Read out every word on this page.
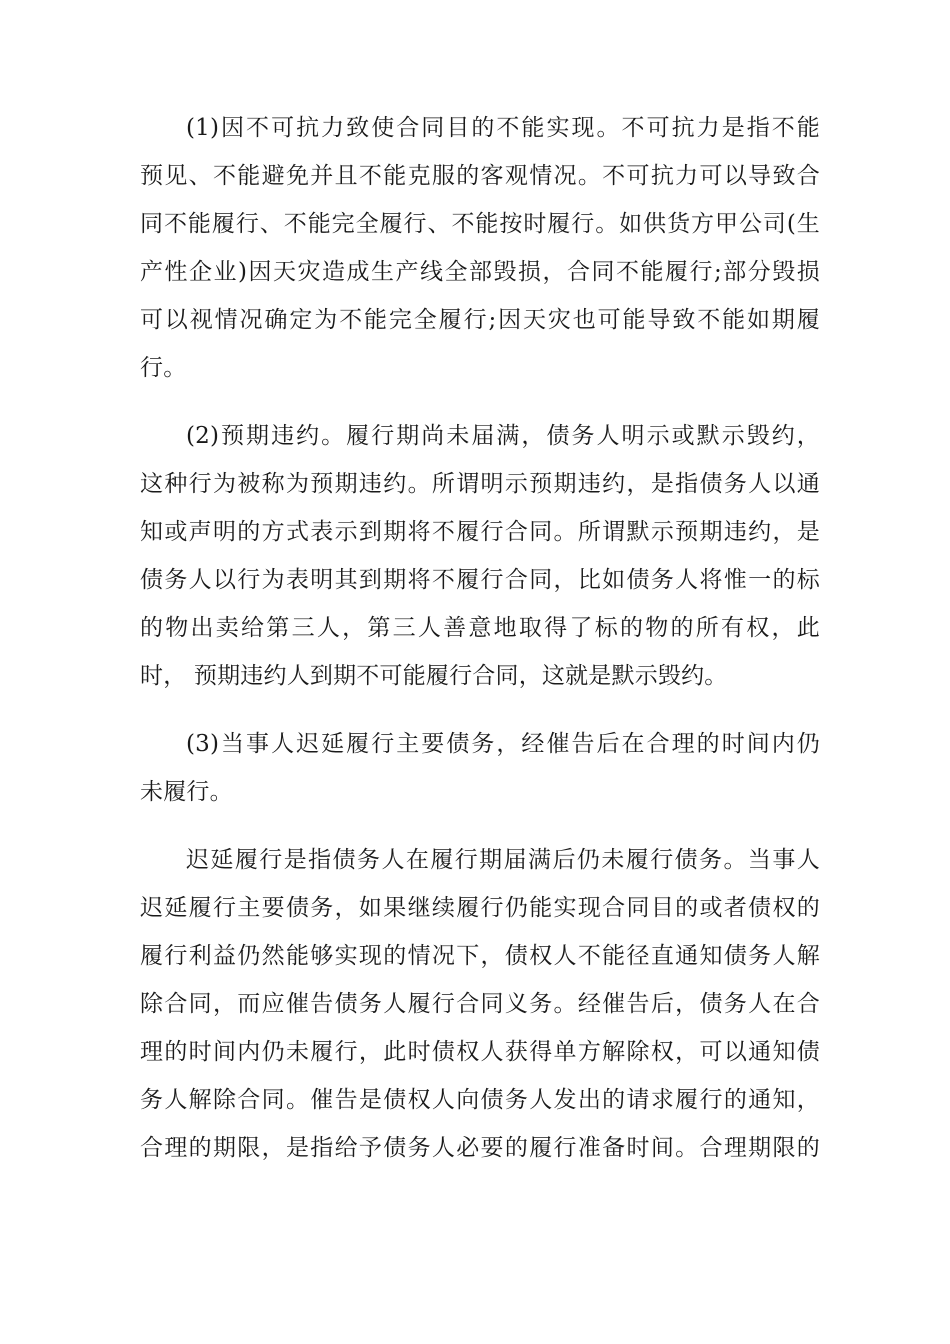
(1)因不可抗力致使合同目的不能实现。不可抗力是指不能
预见、不能避免并且不能克服的客观情况。不可抗力可以导致合
同不能履行、不能完全履行、不能按时履行。如供货方甲公司(生
产性企业)因天灾造成生产线全部毁损，合同不能履行;部分毁损
可以视情况确定为不能完全履行;因天灾也可能导致不能如期履
行。
(2)预期违约。履行期尚未届满，债务人明示或默示毁约，
这种行为被称为预期违约。所谓明示预期违约，是指债务人以通
知或声明的方式表示到期将不履行合同。所谓默示预期违约，是
债务人以行为表明其到期将不履行合同，比如债务人将惟一的标
的物出卖给第三人，第三人善意地取得了标的物的所有权，此
时， 预期违约人到期不可能履行合同，这就是默示毁约。
(3)当事人迟延履行主要债务，经催告后在合理的时间内仍
未履行。
迟延履行是指债务人在履行期届满后仍未履行债务。当事人
迟延履行主要债务，如果继续履行仍能实现合同目的或者债权的
履行利益仍然能够实现的情况下，债权人不能径直通知债务人解
除合同，而应催告债务人履行合同义务。经催告后，债务人在合
理的时间内仍未履行，此时债权人获得单方解除权，可以通知债
务人解除合同。催告是债权人向债务人发出的请求履行的通知，
合理的期限，是指给予债务人必要的履行准备时间。合理期限的
